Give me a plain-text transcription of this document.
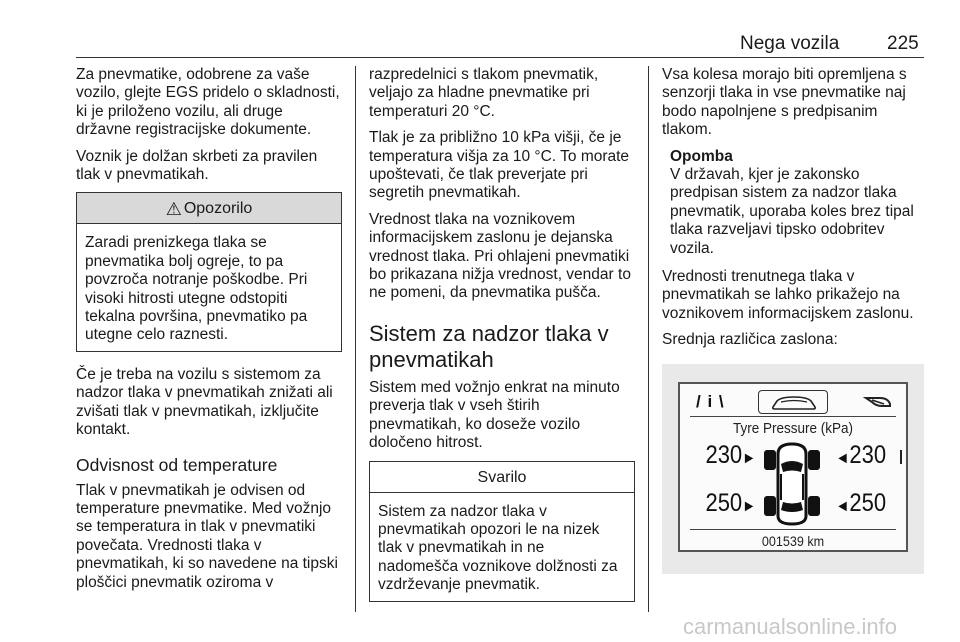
Nega vozila	225

Za pnevmatike, odobrene za vaše vozilo, glejte EGS pridelo o skladnosti, ki je priloženo vozilu, ali druge državne registracijske dokumente.

Voznik je dolžan skrbeti za pravilen tlak v pnevmatikah.

⚠ Opozorilo
Zaradi prenizkega tlaka se pnevmatika bolj ogreje, to pa povzroča notranje poškodbe. Pri visoki hitrosti utegne odstopiti tekalna površina, pnevmatiko pa utegne celo raznesti.

Če je treba na vozilu s sistemom za nadzor tlaka v pnevmatikah znižati ali zvišati tlak v pnevmatikah, izključite kontakt.

Odvisnost od temperature

Tlak v pnevmatikah je odvisen od temperature pnevmatike. Med vožnjo se temperatura in tlak v pnevmatiki povečata. Vrednosti tlaka v pnevmatikah, ki so navedene na tipski ploščici pnevmatik oziroma v

razpredelnici s tlakom pnevmatik, veljajo za hladne pnevmatike pri temperaturi 20 °C.

Tlak je za približno 10 kPa višji, če je temperatura višja za 10 °C. To morate upoštevati, če tlak preverjate pri segretih pnevmatikah.

Vrednost tlaka na voznikovem informacijskem zaslonu je dejanska vrednost tlaka. Pri ohlajeni pnevmatiki bo prikazana nižja vrednost, vendar to ne pomeni, da pnevmatika pušča.

Sistem za nadzor tlaka v pnevmatikah

Sistem med vožnjo enkrat na minuto preverja tlak v vseh štirih pnevmatikah, ko doseže vozilo določeno hitrost.

Svarilo
Sistem za nadzor tlaka v pnevmatikah opozori le na nizek tlak v pnevmatikah in ne nadomešča voznikove dolžnosti za vzdrževanje pnevmatik.

Vsa kolesa morajo biti opremljena s senzorji tlaka in vse pnevmatike naj bodo napolnjene s predpisanim tlakom.

Opomba
V državah, kjer je zakonsko predpisan sistem za nadzor tlaka pnevmatik, uporaba koles brez tipal tlaka razveljavi tipsko odobritev vozila.

Vrednosti trenutnega tlaka v pnevmatikah se lahko prikažejo na voznikovem informacijskem zaslonu.

Srednja različica zaslona:

/ i \
Tyre Pressure (kPa)
230►	◄230
250►	◄250
001539 km
carmanualsonline.info
